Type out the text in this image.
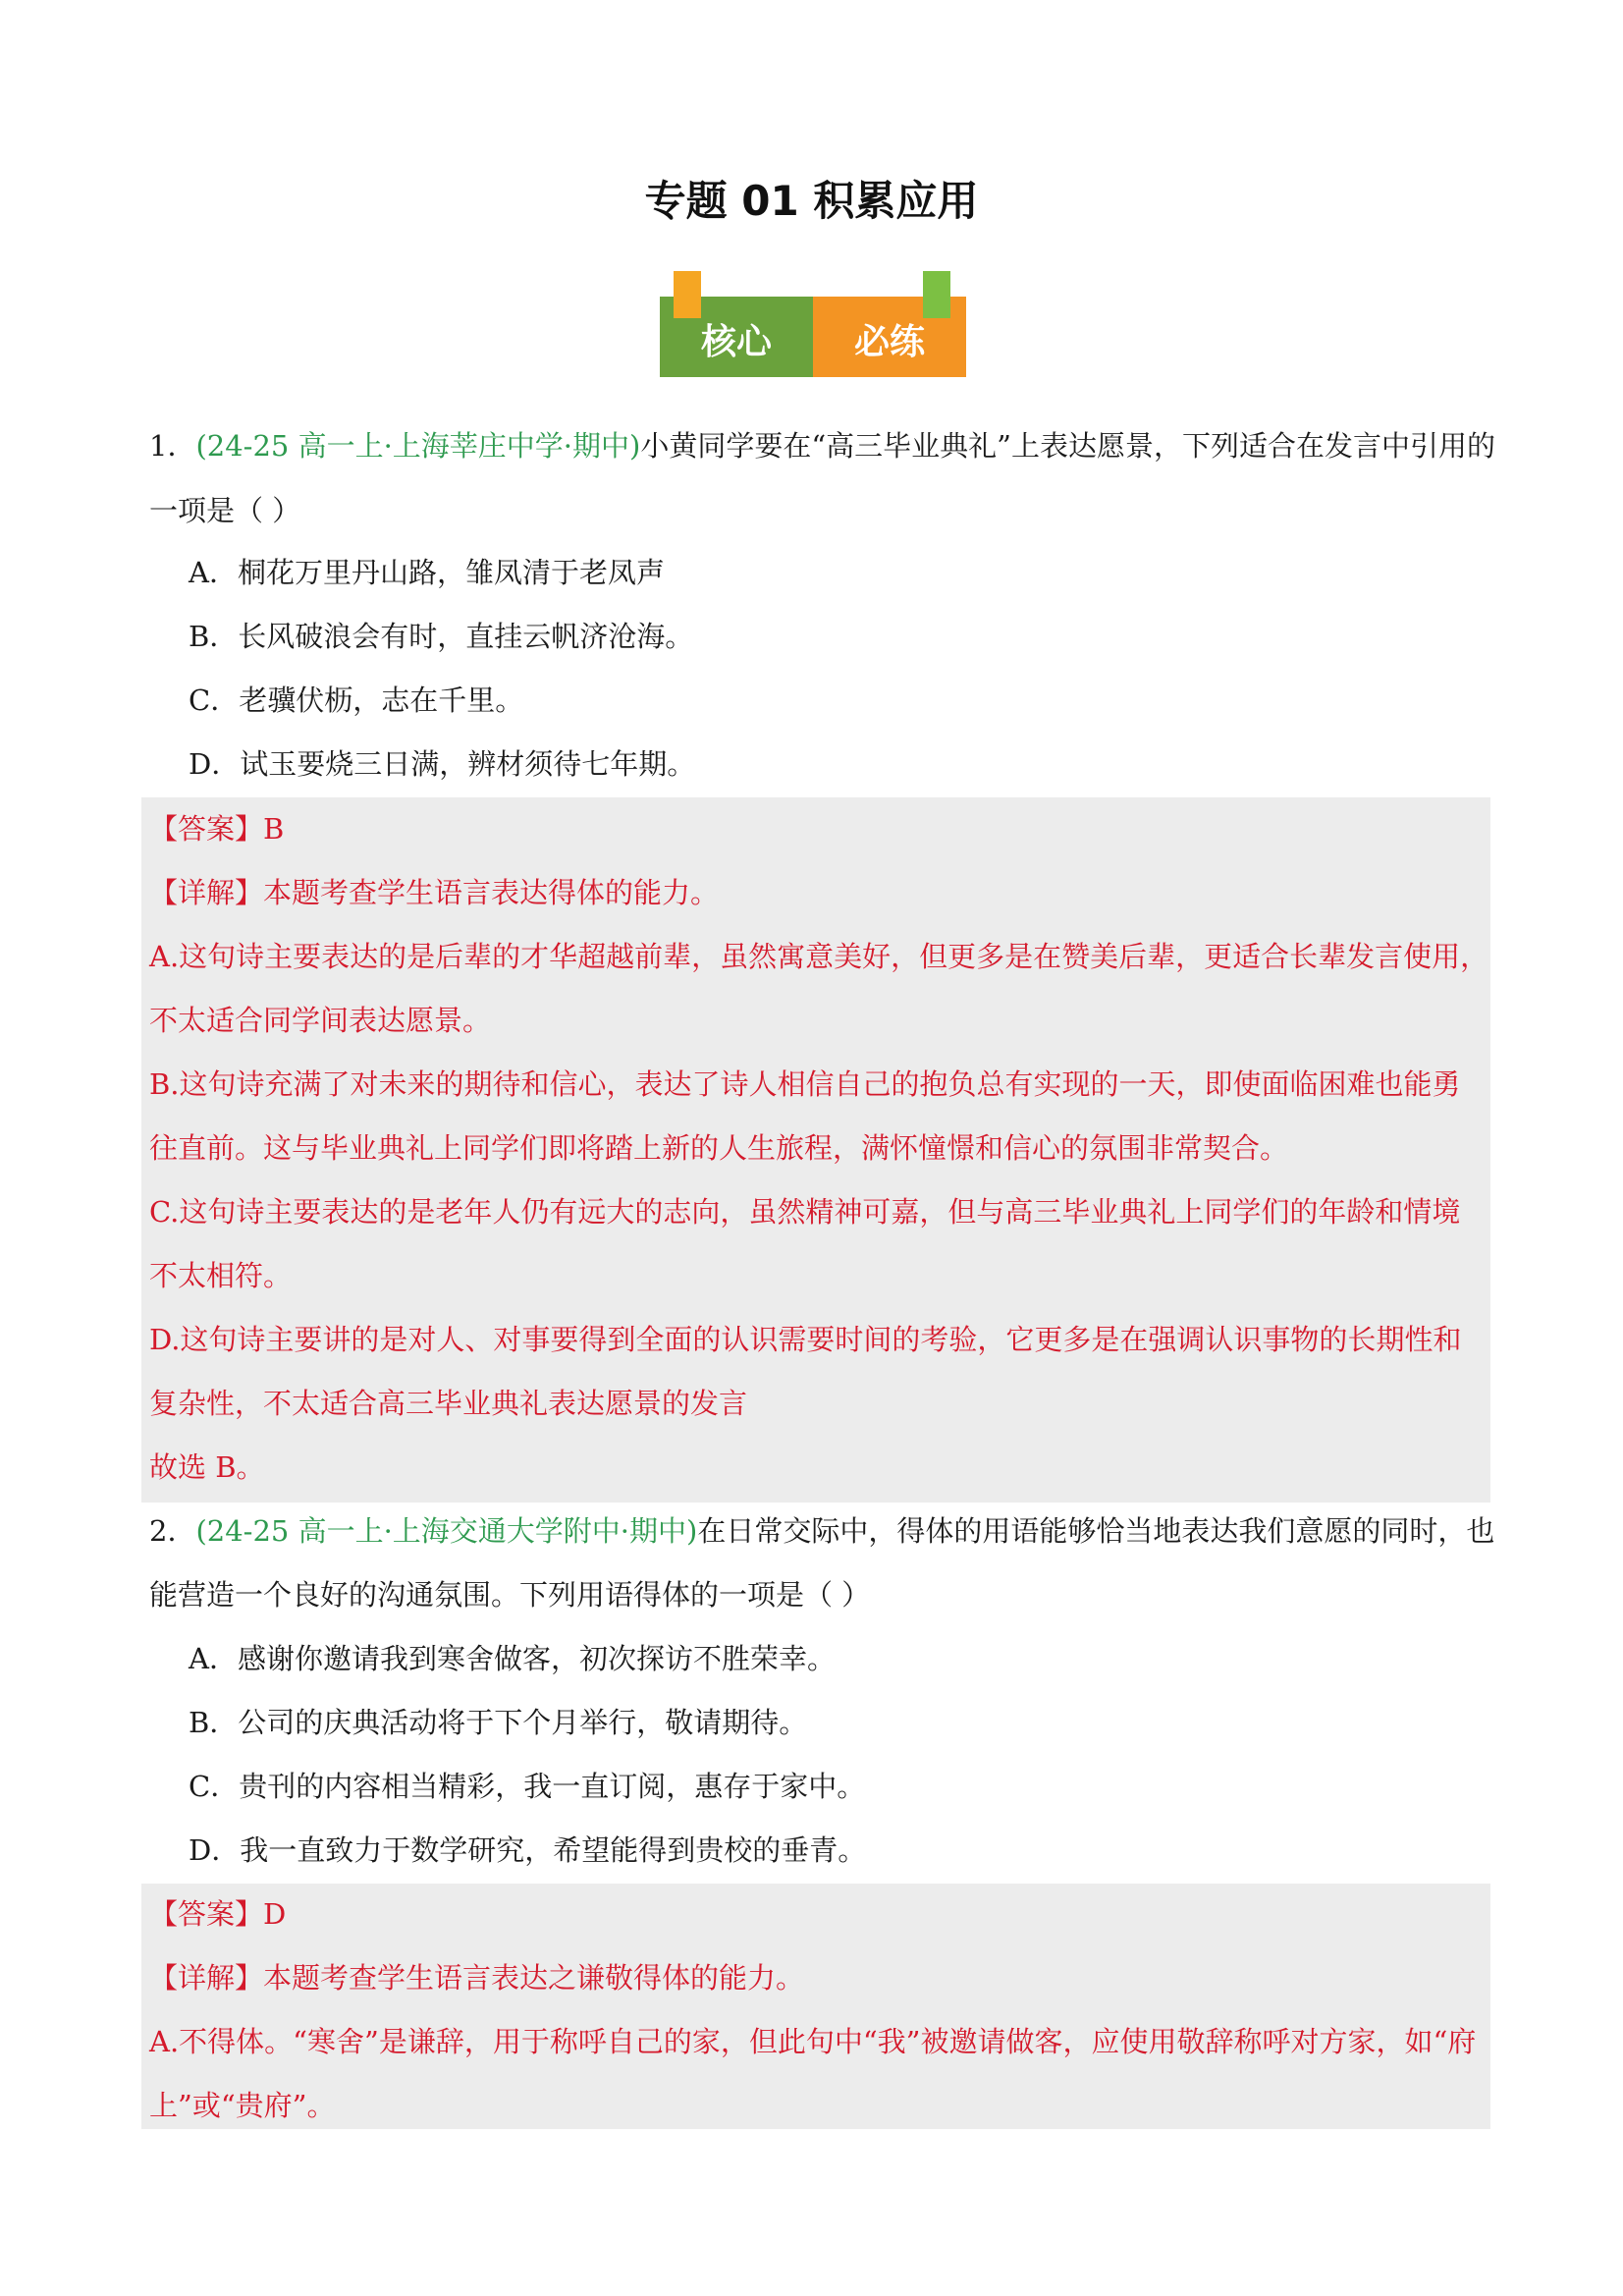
专题 01 积累应用
核心 必练
1．(24-25 高一上·上海莘庄中学·期中)小黄同学要在“高三毕业典礼”上表达愿景，下列适合在发言中引用的
一项是（ ）
A．桐花万里丹山路，雏凤清于老凤声
B．长风破浪会有时，直挂云帆济沧海。
C．老骥伏枥，志在千里。
D．试玉要烧三日满，辨材须待七年期。
【答案】B
【详解】本题考查学生语言表达得体的能力。
A.这句诗主要表达的是后辈的才华超越前辈，虽然寓意美好，但更多是在赞美后辈，更适合长辈发言使用，
不太适合同学间表达愿景。
B.这句诗充满了对未来的期待和信心，表达了诗人相信自己的抱负总有实现的一天，即使面临困难也能勇
往直前。这与毕业典礼上同学们即将踏上新的人生旅程，满怀憧憬和信心的氛围非常契合。
C.这句诗主要表达的是老年人仍有远大的志向，虽然精神可嘉，但与高三毕业典礼上同学们的年龄和情境
不太相符。
D.这句诗主要讲的是对人、对事要得到全面的认识需要时间的考验，它更多是在强调认识事物的长期性和
复杂性，不太适合高三毕业典礼表达愿景的发言
故选 B。
2．(24-25 高一上·上海交通大学附中·期中)在日常交际中，得体的用语能够恰当地表达我们意愿的同时，也
能营造一个良好的沟通氛围。下列用语得体的一项是（ ）
A．感谢你邀请我到寒舍做客，初次探访不胜荣幸。
B．公司的庆典活动将于下个月举行，敬请期待。
C．贵刊的内容相当精彩，我一直订阅，惠存于家中。
D．我一直致力于数学研究，希望能得到贵校的垂青。
【答案】D
【详解】本题考查学生语言表达之谦敬得体的能力。
A.不得体。“寒舍”是谦辞，用于称呼自己的家，但此句中“我”被邀请做客，应使用敬辞称呼对方家，如“府
上”或“贵府”。
